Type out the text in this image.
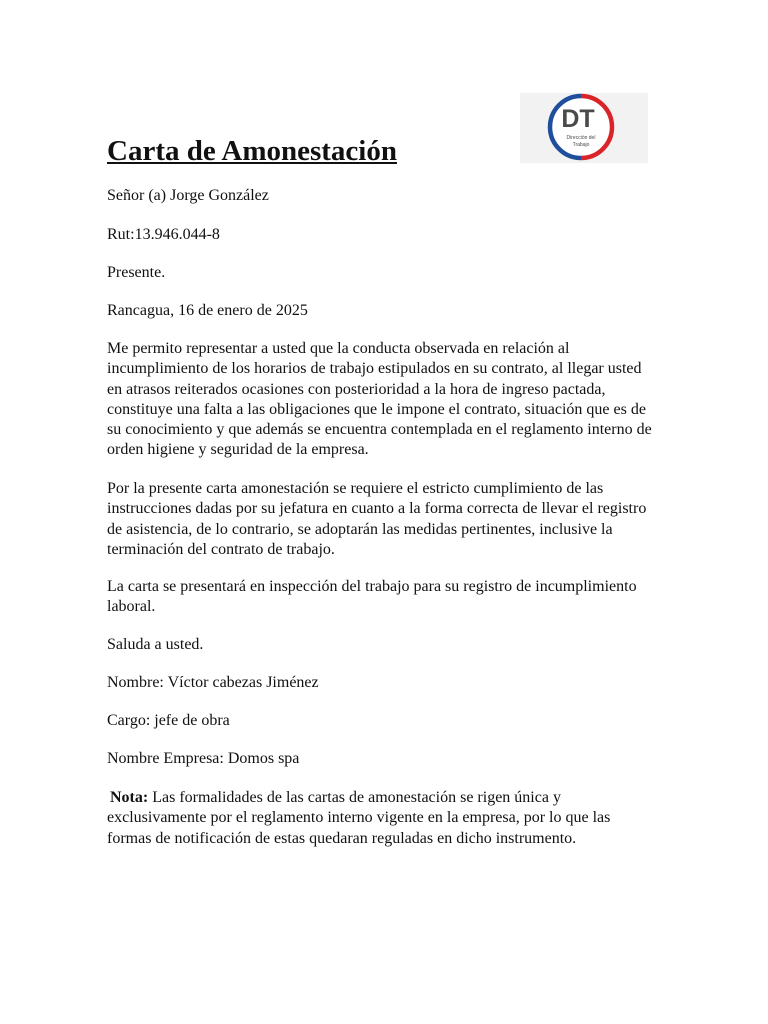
DT
Dirección del
Trabajo
Carta de Amonestación

Señor (a) Jorge González

Rut:13.946.044-8

Presente.

Rancagua, 16 de enero de 2025

Me permito representar a usted que la conducta observada en relación al incumplimiento de los horarios de trabajo estipulados en su contrato, al llegar usted en atrasos reiterados ocasiones con posterioridad a la hora de ingreso pactada, constituye una falta a las obligaciones que le impone el contrato, situación que es de su conocimiento y que además se encuentra contemplada en el reglamento interno de orden higiene y seguridad de la empresa.

Por la presente carta amonestación se requiere el estricto cumplimiento de las instrucciones dadas por su jefatura en cuanto a la forma correcta de llevar el registro de asistencia, de lo contrario, se adoptarán las medidas pertinentes, inclusive la terminación del contrato de trabajo.

La carta se presentará en inspección del trabajo para su registro de incumplimiento laboral.

Saluda a usted.

Nombre: Víctor cabezas Jiménez

Cargo: jefe de obra

Nombre Empresa: Domos spa

Nota: Las formalidades de las cartas de amonestación se rigen única y exclusivamente por el reglamento interno vigente en la empresa, por lo que las formas de notificación de estas quedaran reguladas en dicho instrumento.
